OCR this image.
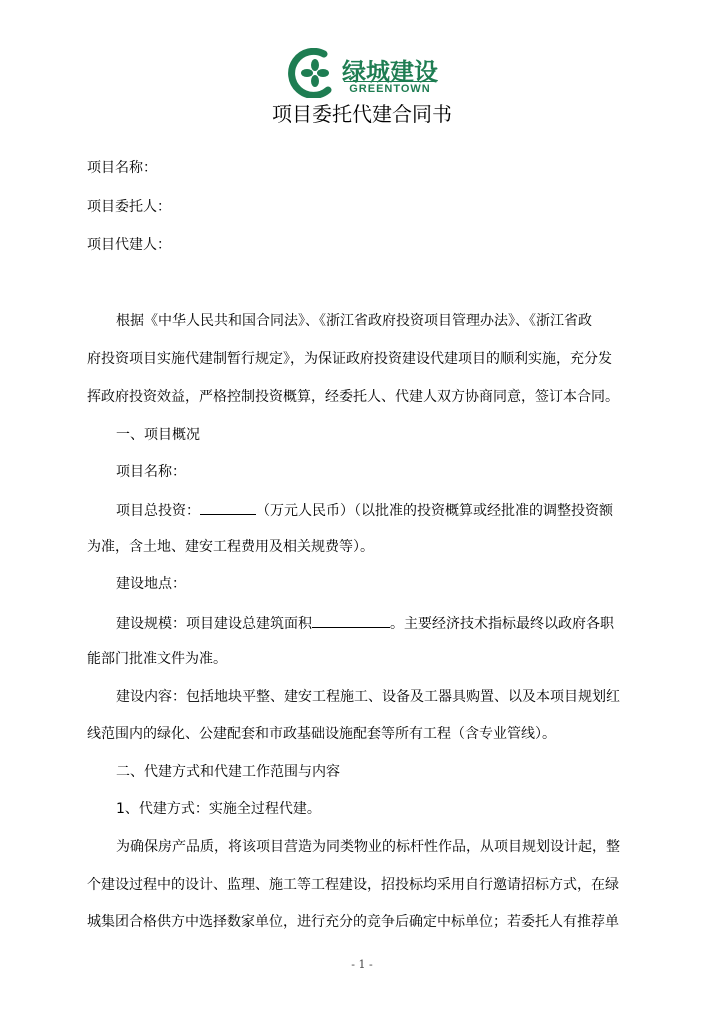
绿城建设
GREENTOWN
项目委托代建合同书
项目名称：
项目委托人：
项目代建人：
根据《中华人民共和国合同法》、《浙江省政府投资项目管理办法》、《浙江省政
府投资项目实施代建制暂行规定》，为保证政府投资建设代建项目的顺利实施，充分发
挥政府投资效益，严格控制投资概算，经委托人、代建人双方协商同意，签订本合同。
一、项目概况
项目名称：
项目总投资：	（万元人民币）（以批准的投资概算或经批准的调整投资额
为准，含土地、建安工程费用及相关规费等）。
建设地点：
建设规模：项目建设总建筑面积	。主要经济技术指标最终以政府各职
能部门批准文件为准。
建设内容：包括地块平整、建安工程施工、设备及工器具购置、以及本项目规划红
线范围内的绿化、公建配套和市政基础设施配套等所有工程（含专业管线）。
二、代建方式和代建工作范围与内容
1、代建方式：实施全过程代建。
为确保房产品质，将该项目营造为同类物业的标杆性作品，从项目规划设计起，整
个建设过程中的设计、监理、施工等工程建设，招投标均采用自行邀请招标方式，在绿
城集团合格供方中选择数家单位，进行充分的竞争后确定中标单位；若委托人有推荐单
- 1 -
